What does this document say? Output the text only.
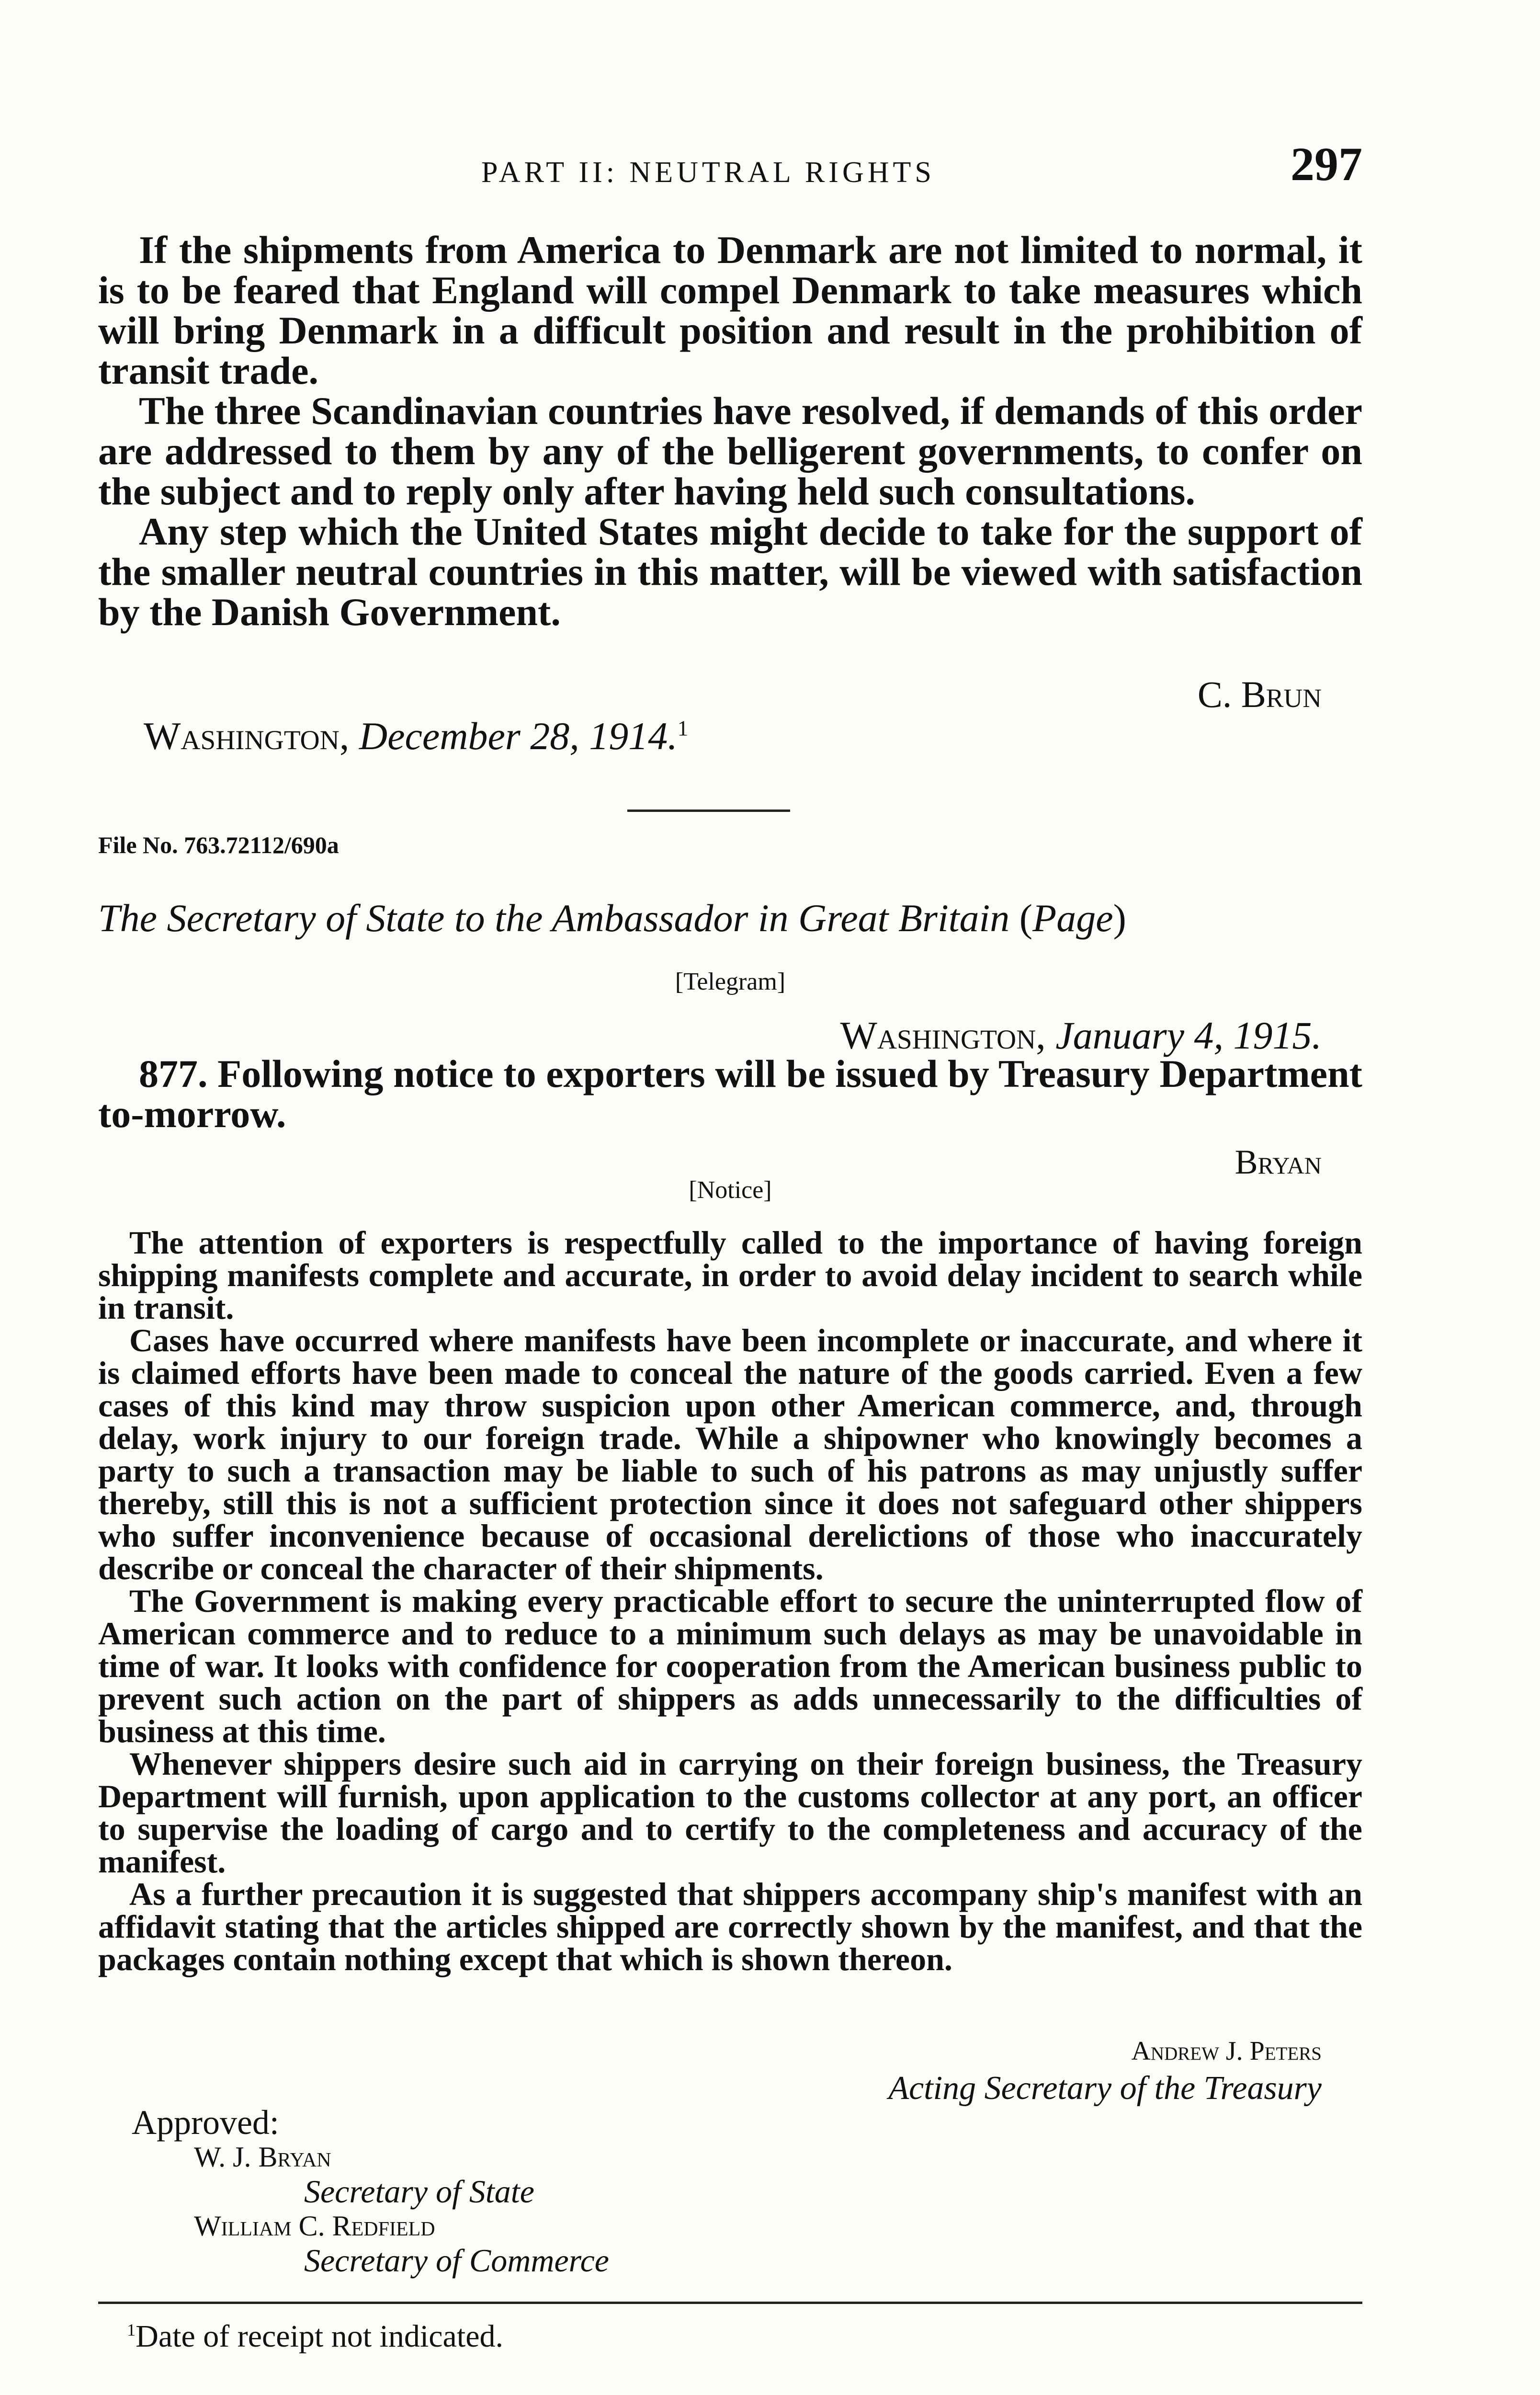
PART II: NEUTRAL RIGHTS	297

If the shipments from America to Denmark are not limited to normal, it is to be feared that England will compel Denmark to take measures which will bring Denmark in a difficult position and result in the prohibition of transit trade.

The three Scandinavian countries have resolved, if demands of this order are addressed to them by any of the belligerent governments, to confer on the subject and to reply only after having held such consultations.

Any step which the United States might decide to take for the support of the smaller neutral countries in this matter, will be viewed with satisfaction by the Danish Government.

C. Brun
Washington, December 28, 1914.$^1$
File No. 763.72112/690a
The Secretary of State to the Ambassador in Great Britain (Page)
[Telegram]
Washington, January 4, 1915.

877. Following notice to exporters will be issued by Treasury Department to-morrow.

Bryan
[Notice]

The attention of exporters is respectfully called to the importance of having foreign shipping manifests complete and accurate, in order to avoid delay incident to search while in transit.

Cases have occurred where manifests have been incomplete or inaccurate, and where it is claimed efforts have been made to conceal the nature of the goods carried. Even a few cases of this kind may throw suspicion upon other American commerce, and, through delay, work injury to our foreign trade. While a shipowner who knowingly becomes a party to such a transaction may be liable to such of his patrons as may unjustly suffer thereby, still this is not a sufficient protection since it does not safeguard other shippers who suffer inconvenience because of occasional derelictions of those who inaccurately describe or conceal the character of their shipments.

The Government is making every practicable effort to secure the uninterrupted flow of American commerce and to reduce to a minimum such delays as may be unavoidable in time of war. It looks with confidence for cooperation from the American business public to prevent such action on the part of shippers as adds unnecessarily to the difficulties of business at this time.

Whenever shippers desire such aid in carrying on their foreign business, the Treasury Department will furnish, upon application to the customs collector at any port, an officer to supervise the loading of cargo and to certify to the completeness and accuracy of the manifest.

As a further precaution it is suggested that shippers accompany ship's manifest with an affidavit stating that the articles shipped are correctly shown by the manifest, and that the packages contain nothing except that which is shown thereon.

Andrew J. Peters
Acting Secretary of the Treasury
Approved:
W. J. Bryan
Secretary of State
William C. Redfield
Secretary of Commerce
$^1$Date of receipt not indicated.
